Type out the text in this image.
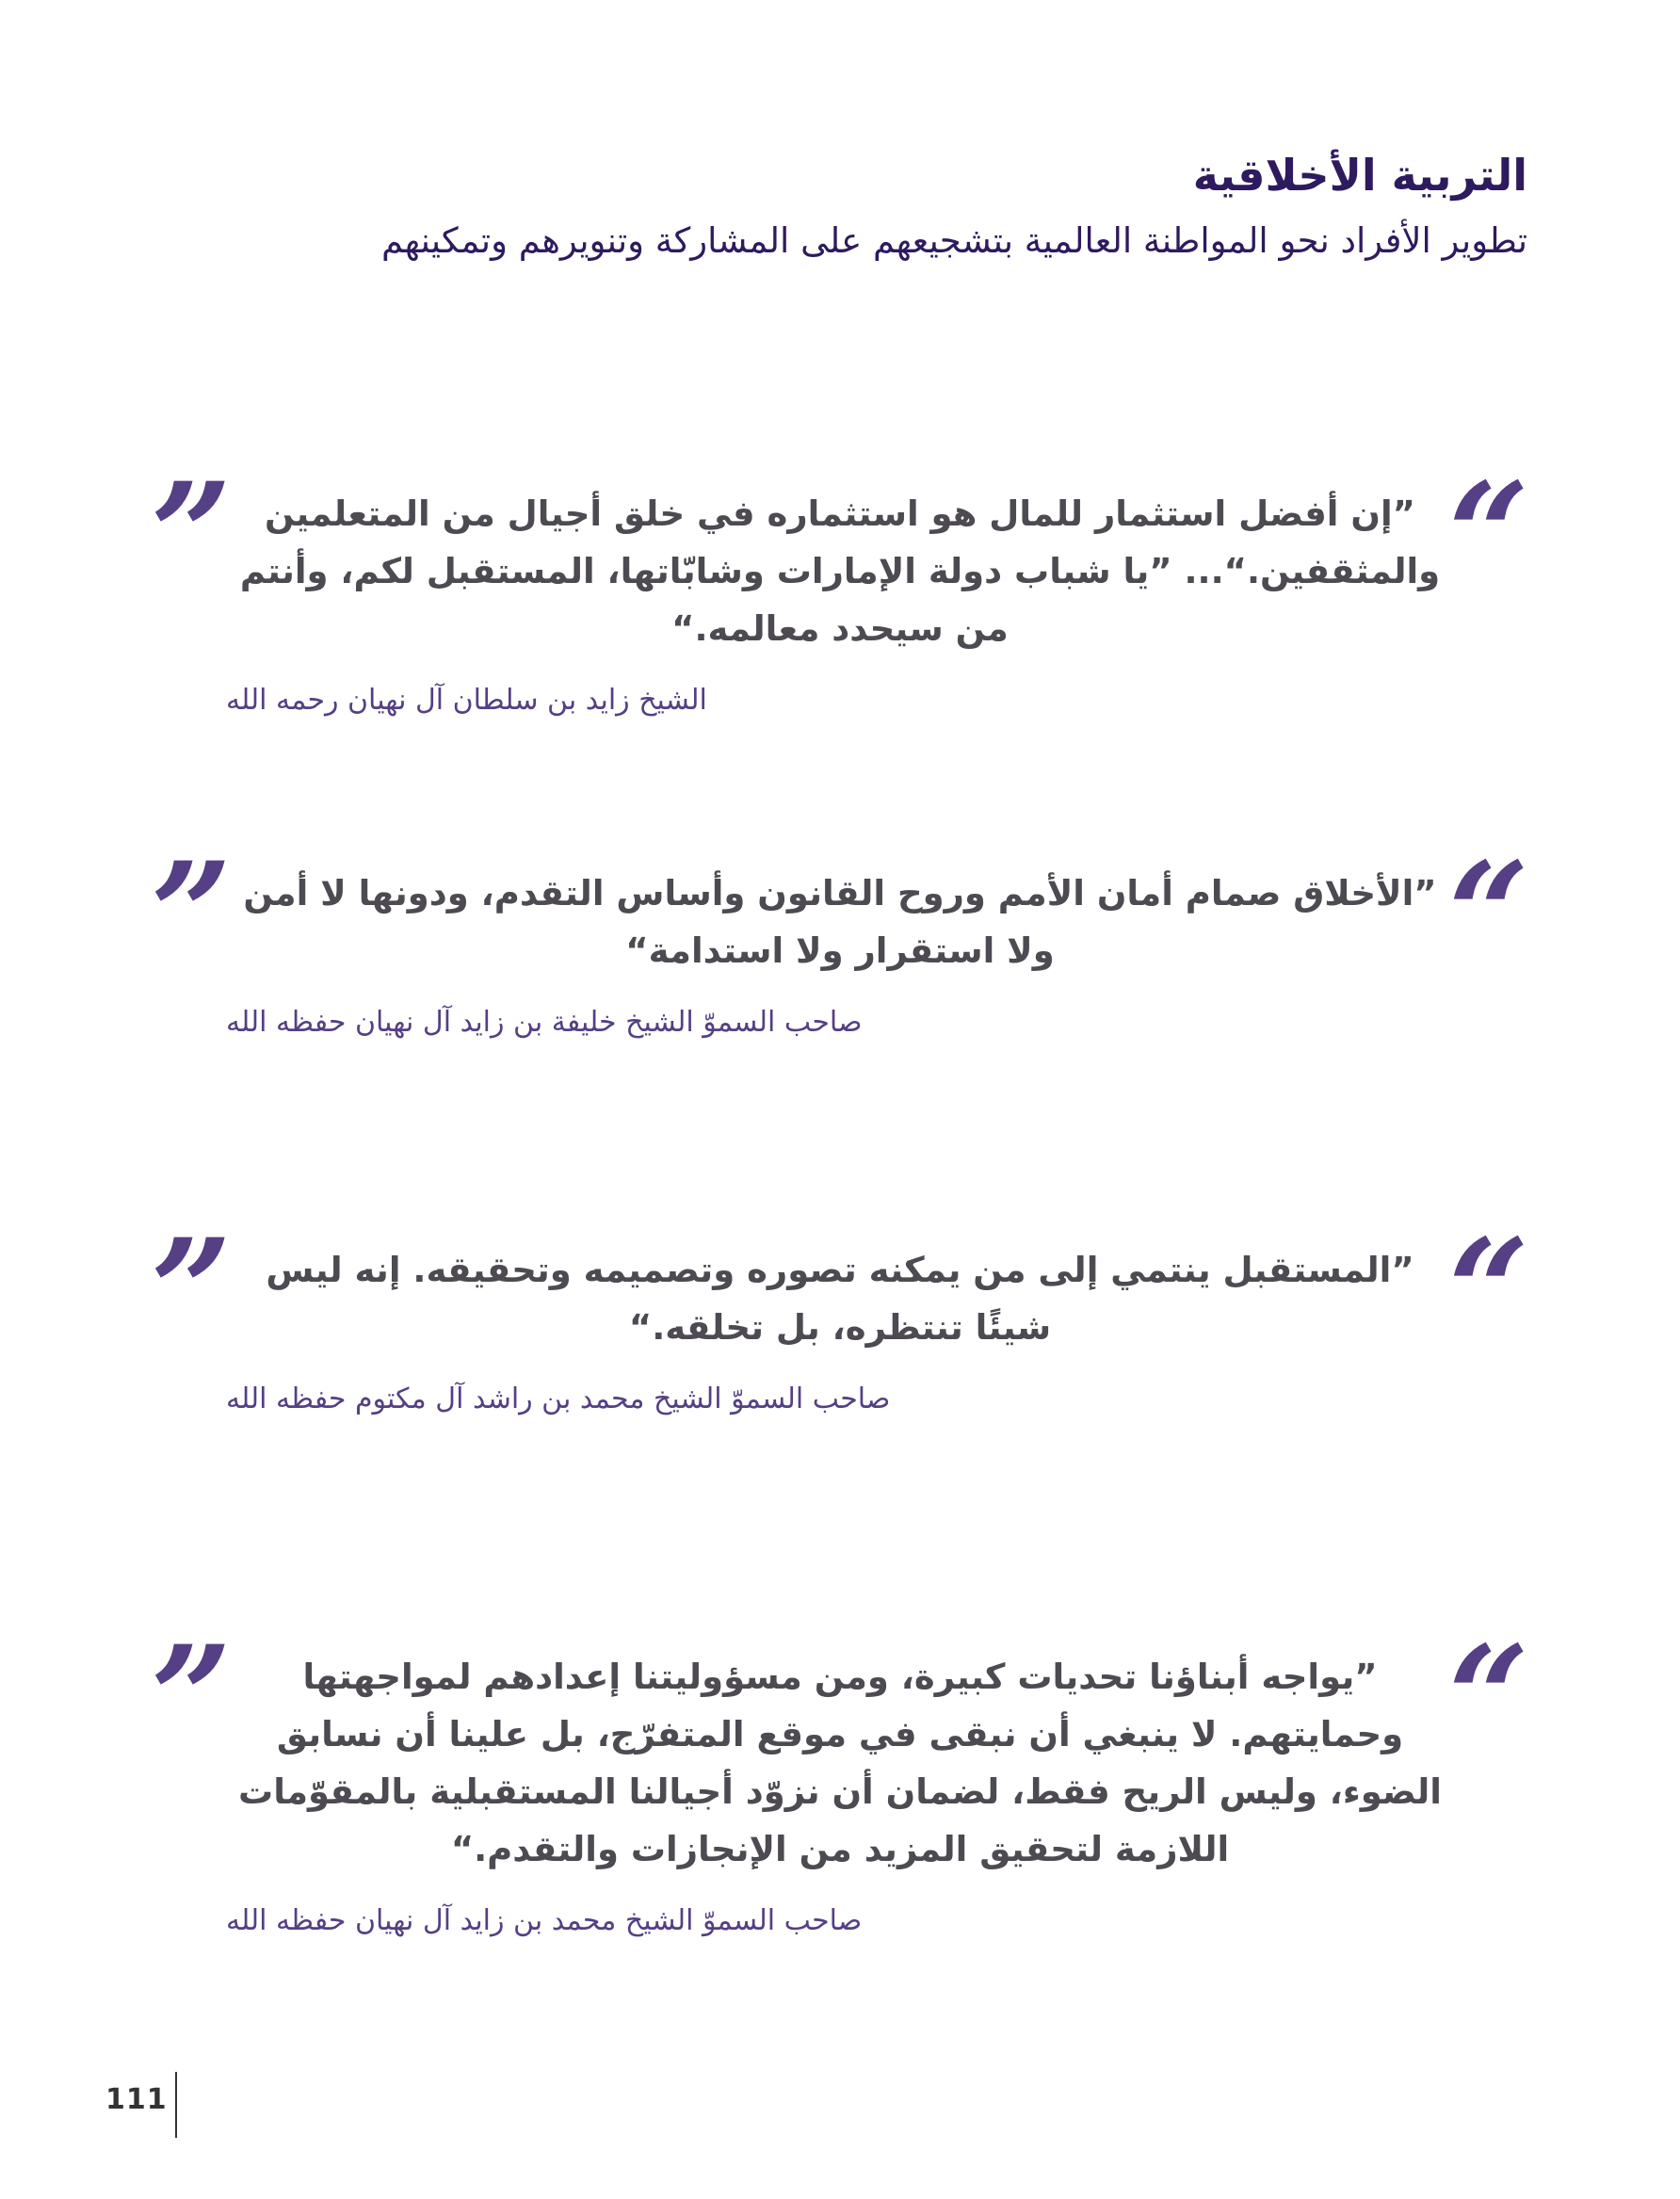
التربية الأخلاقية
تطوير الأفراد نحو المواطنة العالمية بتشجيعهم على المشاركة وتنويرهم وتمكينهم
”	“

”إن أفضل استثمار للمال هو استثماره في خلق أجيال من المتعلمين والمثقفين.“... ”يا شباب دولة الإمارات وشابّاتها، المستقبل لكم، وأنتم من سيحدد معالمه.“

الشيخ زايد بن سلطان آل نهيان رحمه الله
”	“

”الأخلاق صمام أمان الأمم وروح القانون وأساس التقدم، ودونها لا أمن ولا استقرار ولا استدامة“

صاحب السموّ الشيخ خليفة بن زايد آل نهيان حفظه الله
”	“

”المستقبل ينتمي إلى من يمكنه تصوره وتصميمه وتحقيقه. إنه ليس شيئًا تنتظره، بل تخلقه.“

صاحب السموّ الشيخ محمد بن راشد آل مكتوم حفظه الله
”	“

”يواجه أبناؤنا تحديات كبيرة، ومن مسؤوليتنا إعدادهم لمواجهتها وحمايتهم. لا ينبغي أن نبقى في موقع المتفرّج، بل علينا أن نسابق الضوء، وليس الريح فقط، لضمان أن نزوّد أجيالنا المستقبلية بالمقوّمات اللازمة لتحقيق المزيد من الإنجازات والتقدم.“

صاحب السموّ الشيخ محمد بن زايد آل نهيان حفظه الله
111
